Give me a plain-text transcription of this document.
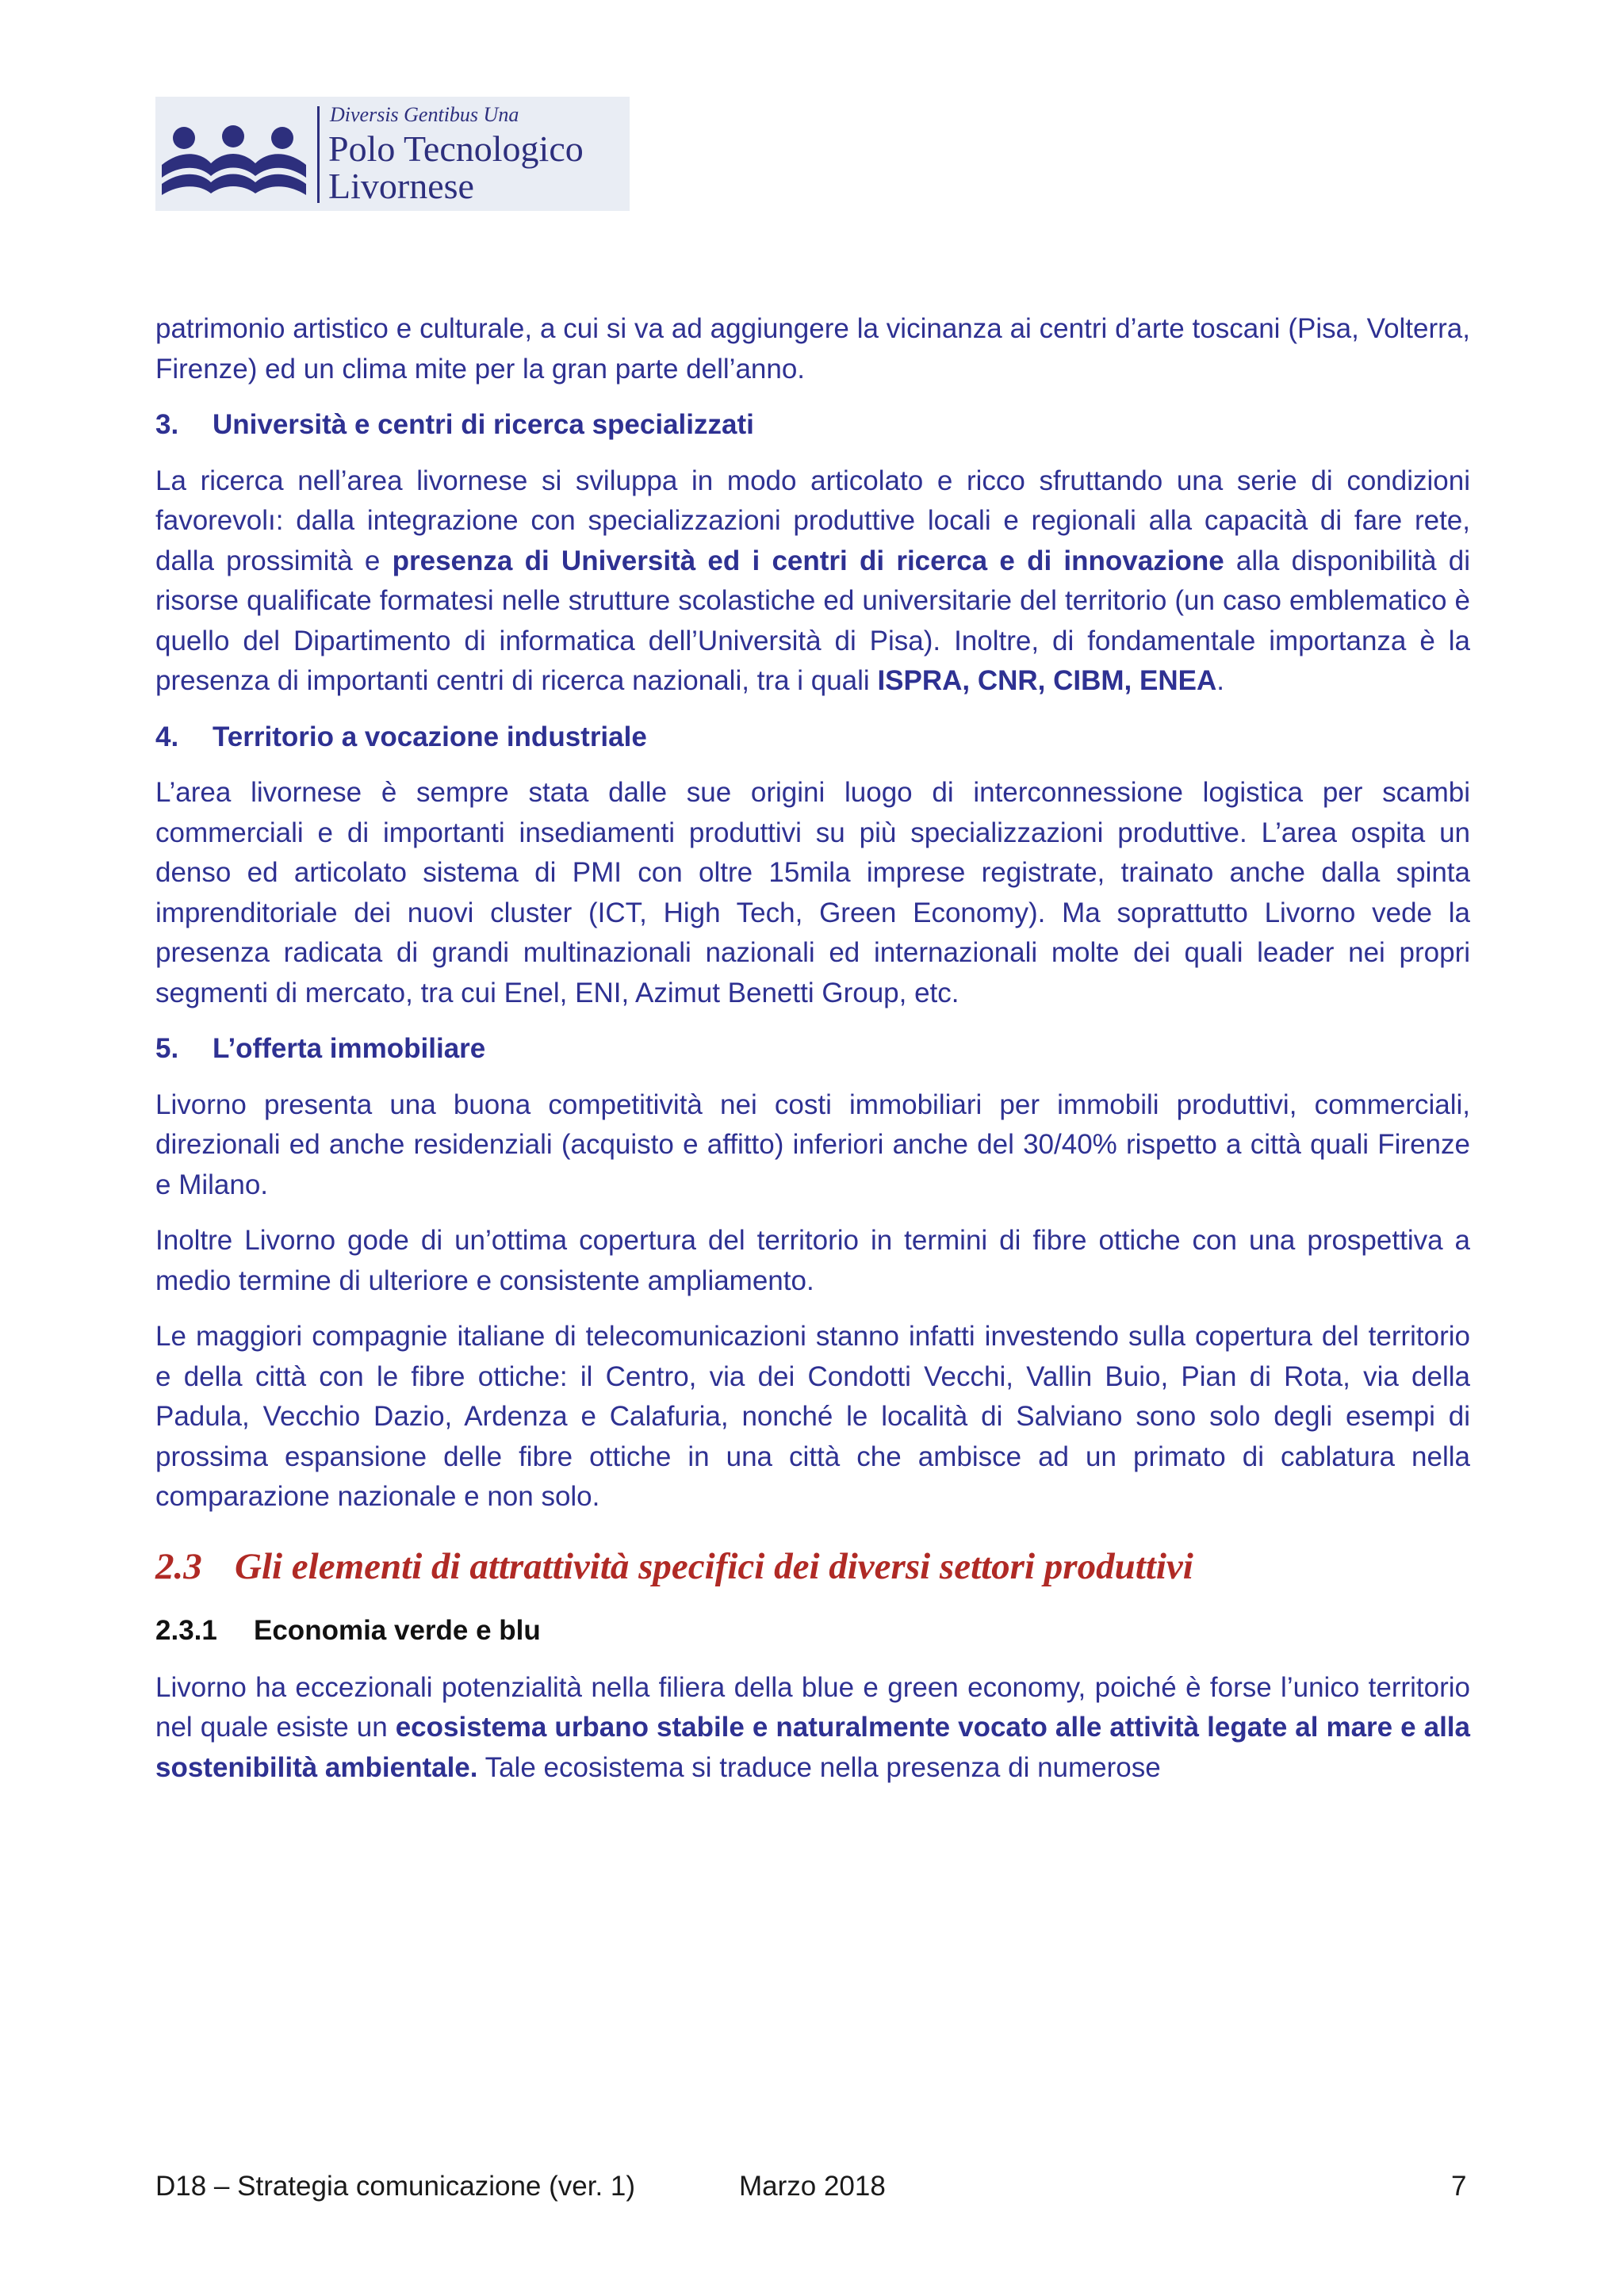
Diversis Gentibus Una
Polo Tecnologico
Livornese

patrimonio artistico e culturale, a cui si va ad aggiungere la vicinanza ai centri d’arte toscani (Pisa, Volterra, Firenze) ed un clima mite per la gran parte dell’anno.

3. Università e centri di ricerca specializzati

La ricerca nell’area livornese si sviluppa in modo articolato e ricco sfruttando una serie di condizioni favorevolı: dalla integrazione con specializzazioni produttive locali e regionali alla capacità di fare rete, dalla prossimità e presenza di Università ed i centri di ricerca e di innovazione alla disponibilità di risorse qualificate formatesi nelle strutture scolastiche ed universitarie del territorio (un caso emblematico è quello del Dipartimento di informatica dell’Università di Pisa). Inoltre, di fondamentale importanza è la presenza di importanti centri di ricerca nazionali, tra i quali ISPRA, CNR, CIBM, ENEA.

4. Territorio a vocazione industriale

L’area livornese è sempre stata dalle sue origini luogo di interconnessione logistica per scambi commerciali e di importanti insediamenti produttivi su più specializzazioni produttive. L’area ospita un denso ed articolato sistema di PMI con oltre 15mila imprese registrate, trainato anche dalla spinta imprenditoriale dei nuovi cluster (ICT, High Tech, Green Economy). Ma soprattutto Livorno vede la presenza radicata di grandi multinazionali nazionali ed internazionali molte dei quali leader nei propri segmenti di mercato, tra cui Enel, ENI, Azimut Benetti Group, etc.

5. L’offerta immobiliare

Livorno presenta una buona competitività nei costi immobiliari per immobili produttivi, commerciali, direzionali ed anche residenziali (acquisto e affitto) inferiori anche del 30/40% rispetto a città quali Firenze e Milano.

Inoltre Livorno gode di un’ottima copertura del territorio in termini di fibre ottiche con una prospettiva a medio termine di ulteriore e consistente ampliamento.

Le maggiori compagnie italiane di telecomunicazioni stanno infatti investendo sulla copertura del territorio e della città con le fibre ottiche: il Centro, via dei Condotti Vecchi, Vallin Buio, Pian di Rota, via della Padula, Vecchio Dazio, Ardenza e Calafuria, nonché le località di Salviano sono solo degli esempi di prossima espansione delle fibre ottiche in una città che ambisce ad un primato di cablatura nella comparazione nazionale e non solo.

2.3 Gli elementi di attrattività specifici dei diversi settori produttivi
2.3.1 Economia verde e blu

Livorno ha eccezionali potenzialità nella filiera della blue e green economy, poiché è forse l’unico territorio nel quale esiste un ecosistema urbano stabile e naturalmente vocato alle attività legate al mare e alla sostenibilità ambientale. Tale ecosistema si traduce nella presenza di numerose

D18 – Strategia comunicazione (ver. 1)	Marzo 2018	7
